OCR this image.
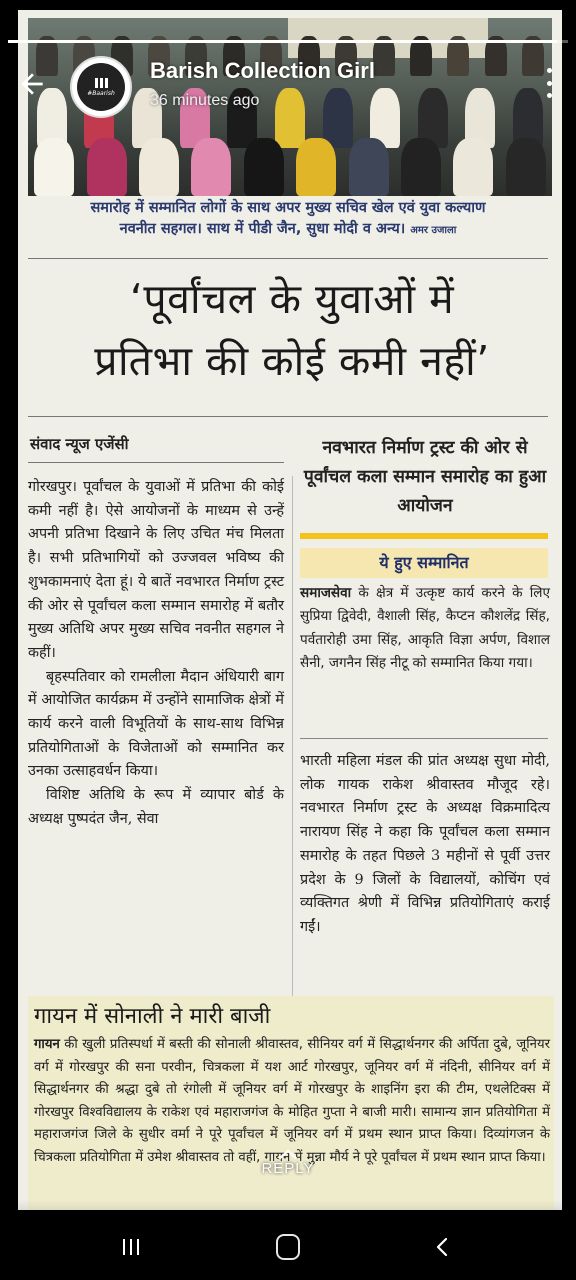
समारोह में सम्मानित लोगों के साथ अपर मुख्य सचिव खेल एवं युवा कल्याण
नवनीत सहगल। साथ में पीडी जैन, सुधा मोदी व अन्य। अमर उजाला
‘पूर्वांचल के युवाओं में
प्रतिभा की कोई कमी नहीं’
संवाद न्यूज एजेंसी

गोरखपुर। पूर्वांचल के युवाओं में प्रतिभा की कोई कमी नहीं है। ऐसे आयोजनों के माध्यम से उन्हें अपनी प्रतिभा दिखाने के लिए उचित मंच मिलता है। सभी प्रतिभागियों को उज्जवल भविष्य की शुभकामनाएं देता हूं। ये बातें नवभारत निर्माण ट्रस्ट की ओर से पूर्वांचल कला सम्मान समारोह में बतौर मुख्य अतिथि अपर मुख्य सचिव नवनीत सहगल ने कहीं।

बृहस्पतिवार को रामलीला मैदान अंधियारी बाग में आयोजित कार्यक्रम में उन्होंने सामाजिक क्षेत्रों में कार्य करने वाली विभूतियों के साथ-साथ विभिन्न प्रतियोगिताओं के विजेताओं को सम्मानित कर उनका उत्साहवर्धन किया।

विशिष्ट अतिथि के रूप में व्यापार बोर्ड के अध्यक्ष पुष्पदंत जैन, सेवा

नवभारत निर्माण ट्रस्ट की ओर से पूर्वांचल कला सम्मान समारोह का हुआ आयोजन
ये हुए सम्मानित
समाजसेवा के क्षेत्र में उत्कृष्ट कार्य करने के लिए सुप्रिया द्विवेदी, वैशाली सिंह, कैप्टन कौशलेंद्र सिंह, पर्वतारोही उमा सिंह, आकृति विज्ञा अर्पण, विशाल सैनी, जगनैन सिंह नीटू को सम्मानित किया गया।

भारती महिला मंडल की प्रांत अध्यक्ष सुधा मोदी, लोक गायक राकेश श्रीवास्तव मौजूद रहे। नवभारत निर्माण ट्रस्ट के अध्यक्ष विक्रमादित्य नारायण सिंह ने कहा कि पूर्वांचल कला सम्मान समारोह के तहत पिछले 3 महीनों से पूर्वी उत्तर प्रदेश के 9 जिलों के विद्यालयों, कोचिंग एवं व्यक्तिगत श्रेणी में विभिन्न प्रतियोगिताएं कराई गईं।

गायन में सोनाली ने मारी बाजी
गायन की खुली प्रतिस्पर्धा में बस्ती की सोनाली श्रीवास्तव, सीनियर वर्ग में सिद्धार्थनगर की अर्पिता दुबे, जूनियर वर्ग में गोरखपुर की सना परवीन, चित्रकला में यश आर्ट गोरखपुर, जूनियर वर्ग में नंदिनी, सीनियर वर्ग में सिद्धार्थनगर की श्रद्धा दुबे तो रंगोली में जूनियर वर्ग में गोरखपुर के शाइनिंग इरा की टीम, एथलेटिक्स में गोरखपुर विश्वविद्यालय के राकेश एवं महाराजगंज के मोहित गुप्ता ने बाजी मारी। सामान्य ज्ञान प्रतियोगिता में महाराजगंज जिले के सुधीर वर्मा ने पूरे पूर्वांचल में जूनियर वर्ग में प्रथम स्थान प्राप्त किया। दिव्यांगजन के चित्रकला प्रतियोगिता में उमेश श्रीवास्तव तो वहीं, गायन में मुन्ना मौर्य ने पूरे पूर्वांचल में प्रथम स्थान प्राप्त किया।
#Baarish
Barish Collection Girl
36 minutes ago
REPLY
